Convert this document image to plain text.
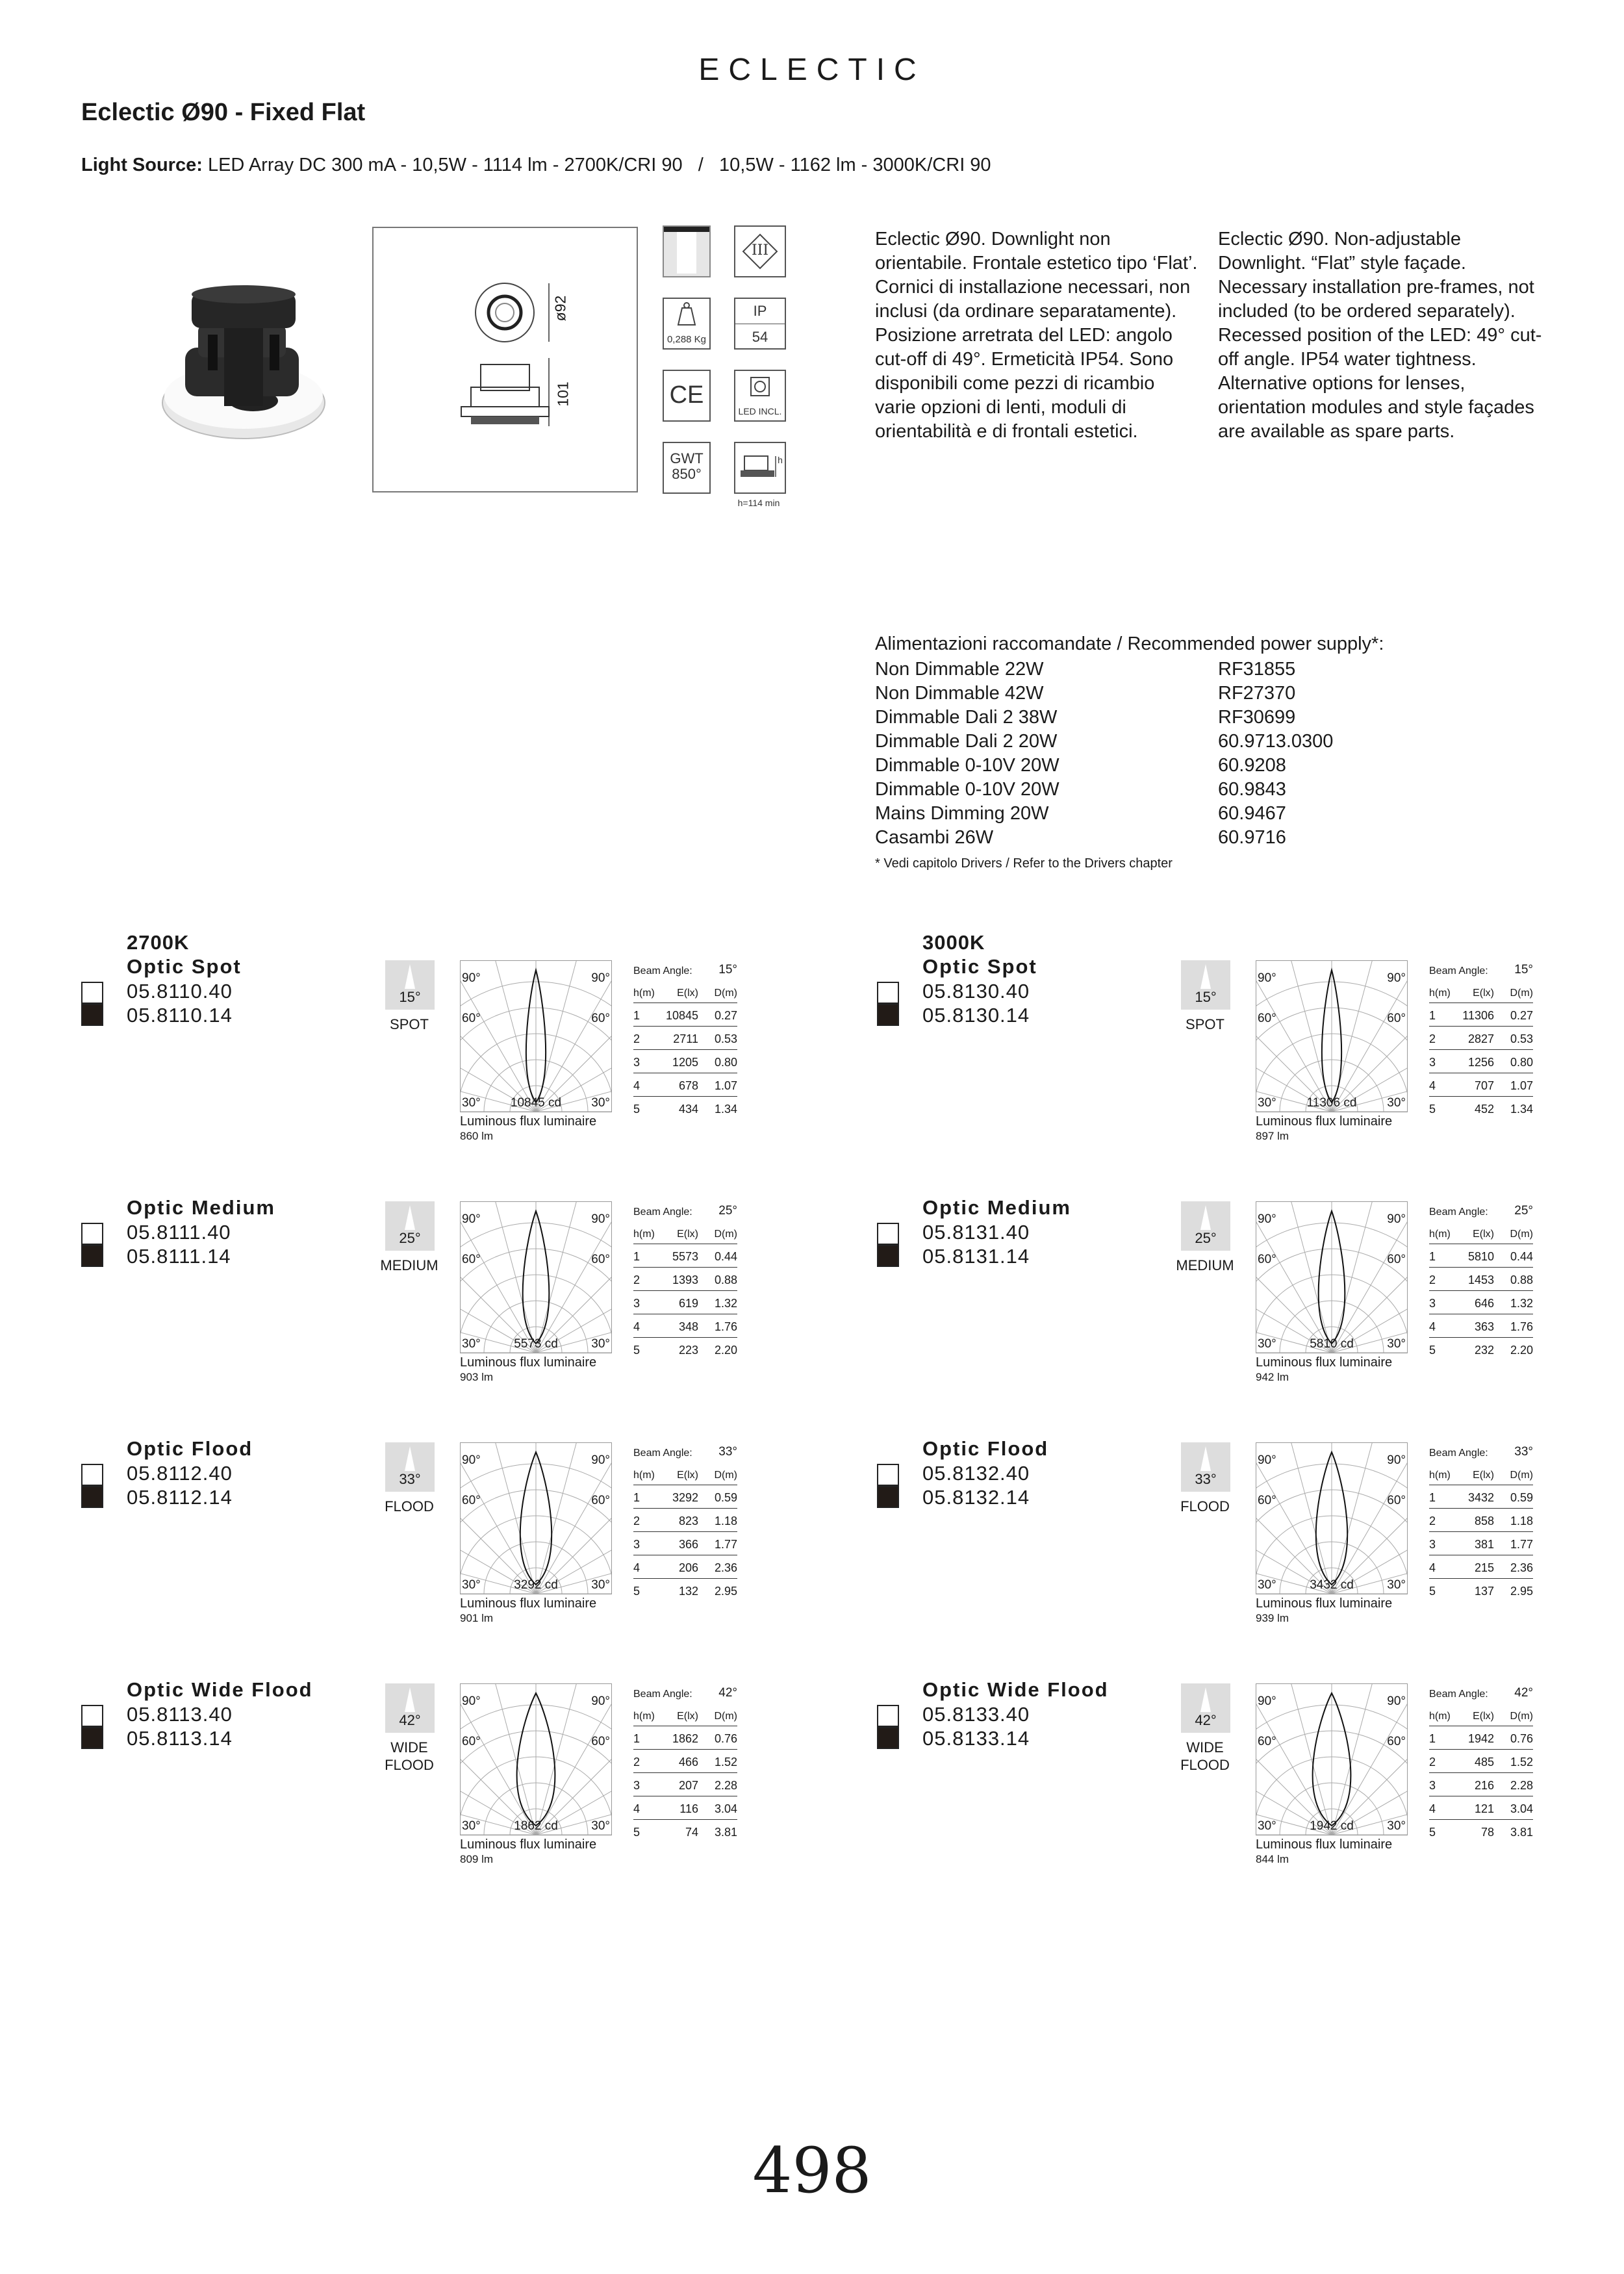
ECLECTIC
Eclectic Ø90 - Fixed Flat
Light Source: LED Array DC 300 mA - 10,5W - 1114 lm - 2700K/CRI 90   /   10,5W - 1162 lm - 3000K/CRI 90
ø92
101
0,288 Kg
CE
GWT
850°
III
IP
54
LED INCL.
h
h=114 min
Eclectic Ø90. Downlight non orientabile. Frontale estetico tipo ‘Flat’. Cornici di installazione necessari, non inclusi (da ordinare separatamente). Posizione arretrata del LED: angolo cut-off di 49°. Ermeticità IP54. Sono disponibili come pezzi di ricambio varie opzioni di lenti, moduli di orientabilità e di frontali estetici.
Eclectic Ø90. Non-adjustable Downlight. “Flat” style façade. Necessary installation pre-frames, not included (to be ordered separately). Recessed position of the LED: 49° cut-off angle. IP54 water tightness. Alternative options for lenses, orientation modules and style façades are available as spare parts.
Alimentazioni raccomandate / Recommended power supply*:
Non Dimmable 22W	RF31855
Non Dimmable 42W	RF27370
Dimmable Dali 2 38W	RF30699
Dimmable Dali 2 20W	60.9713.0300
Dimmable 0-10V 20W	60.9208
Dimmable 0-10V 20W	60.9843
Mains Dimming 20W	60.9467
Casambi 26W	60.9716
* Vedi capitolo Drivers / Refer to the Drivers chapter
2700K
Optic Spot
05.8110.40
05.8110.14
15°
SPOT
90°	90°
60°	60°
30°	30°
10845 cd
Luminous flux luminaire
860 lm
Beam Angle: 15°
h(m) E(lx) D(m)
1 10845 0.27
2	2711 0.53
3	1205 0.80
4	678 1.07
5	434 1.34
3000K
Optic Spot
05.8130.40
05.8130.14
15°
SPOT
90°	90°
60°	60°
30°	30°
11306 cd
Luminous flux luminaire
897 lm
Beam Angle: 15°
h(m) E(lx) D(m)
1 11306 0.27
2	2827 0.53
3	1256 0.80
4	707 1.07
5	452 1.34
Optic Medium
05.8111.40
05.8111.14
25°
MEDIUM
90°	90°
60°	60°
30°	30°
5573 cd
Luminous flux luminaire
903 lm
Beam Angle: 25°
h(m) E(lx) D(m)
1	5573 0.44
2	1393 0.88
3	619 1.32
4	348 1.76
5	223 2.20
Optic Medium
05.8131.40
05.8131.14
25°
MEDIUM
90°	90°
60°	60°
30°	30°
5810 cd
Luminous flux luminaire
942 lm
Beam Angle: 25°
h(m) E(lx) D(m)
1	5810 0.44
2	1453 0.88
3	646 1.32
4	363 1.76
5	232 2.20
Optic Flood
05.8112.40
05.8112.14
33°
FLOOD
90°	90°
60°	60°
30°	30°
3292 cd
Luminous flux luminaire
901 lm
Beam Angle: 33°
h(m) E(lx) D(m)
1	3292 0.59
2	823 1.18
3	366 1.77
4	206 2.36
5	132 2.95
Optic Flood
05.8132.40
05.8132.14
33°
FLOOD
90°	90°
60°	60°
30°	30°
3432 cd
Luminous flux luminaire
939 lm
Beam Angle: 33°
h(m) E(lx) D(m)
1	3432 0.59
2	858 1.18
3	381 1.77
4	215 2.36
5	137 2.95
Optic Wide Flood
05.8113.40
05.8113.14
42°
WIDE
FLOOD
90°	90°
60°	60°
30°	30°
1862 cd
Luminous flux luminaire
809 lm
Beam Angle: 42°
h(m) E(lx) D(m)
1	1862 0.76
2	466 1.52
3	207 2.28
4	116 3.04
5	74 3.81
Optic Wide Flood
05.8133.40
05.8133.14
42°
WIDE
FLOOD
90°	90°
60°	60°
30°	30°
1942 cd
Luminous flux luminaire
844 lm
Beam Angle: 42°
h(m) E(lx) D(m)
1	1942 0.76
2	485 1.52
3	216 2.28
4	121 3.04
5	78 3.81
498
